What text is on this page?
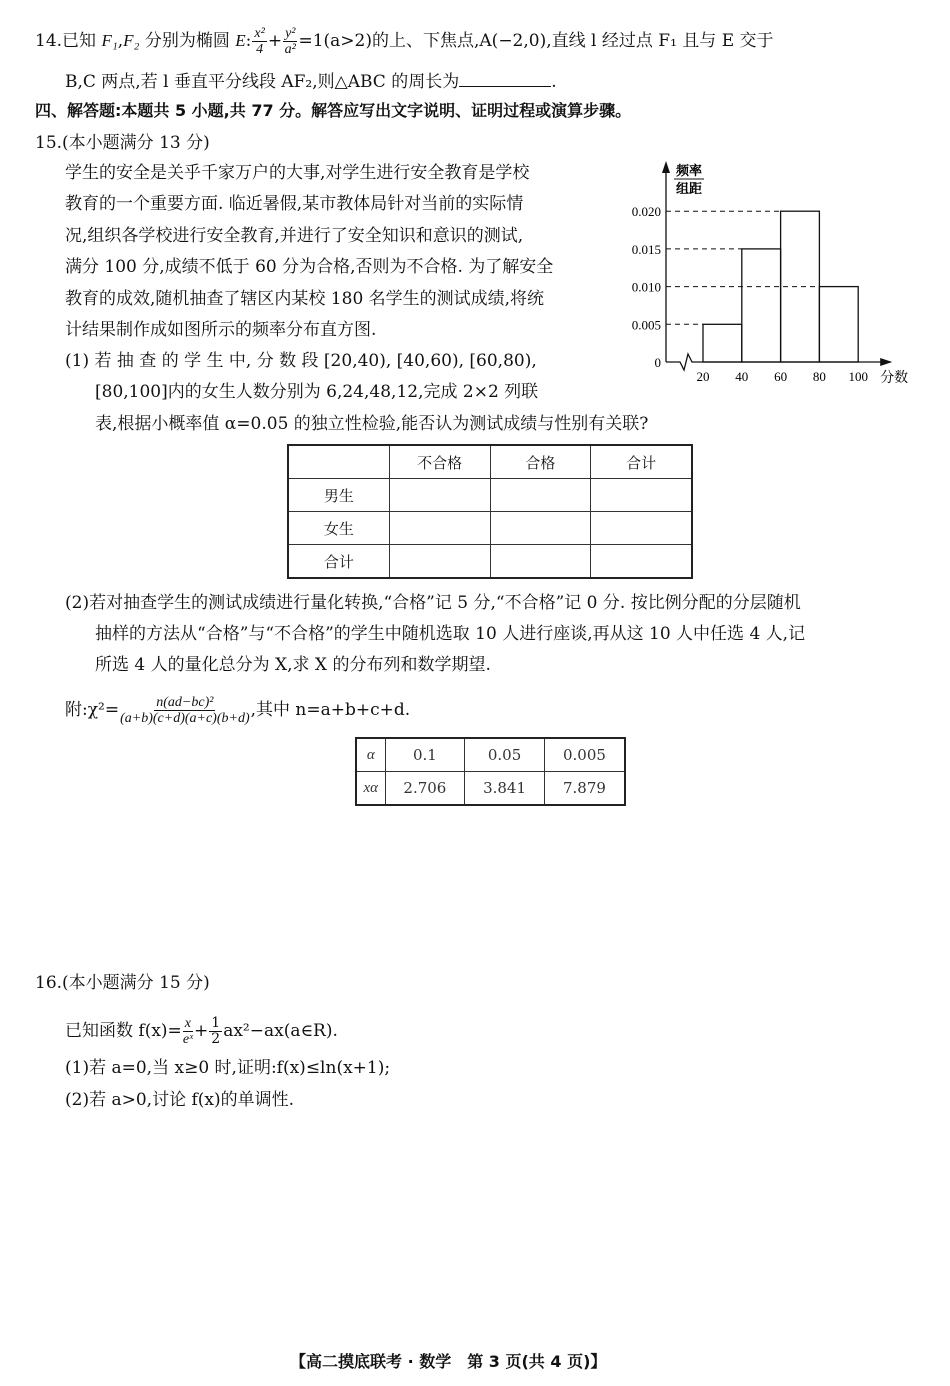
14.已知 F₁,F₂ 分别为椭圆 E: $\frac{\text{x²}}{4} + \frac{\text{y²}}{\text{a²}} =1(a>2)$的上、下焦点,A(−2,0),直线 l 经过点 F₁ 且与 E 交于
B,C 两点,若 l 垂直平分线段 AF₂,则△ABC 的周长为	.
四、解答题:本题共 5 小题,共 77 分。解答应写出文字说明、证明过程或演算步骤。
15.(本小题满分 13 分)
学生的安全是关乎千家万户的大事,对学生进行安全教育是学校
教育的一个重要方面. 临近暑假,某市教体局针对当前的实际情
况,组织各学校进行安全教育,并进行了安全知识和意识的测试,
满分 100 分,成绩不低于 60 分为合格,否则为不合格. 为了解安全
教育的成效,随机抽查了辖区内某校 180 名学生的测试成绩,将统
计结果制作成如图所示的频率分布直方图.
(1) 若 抽 查 的 学 生 中, 分 数 段 [20,40), [40,60), [60,80),
[80,100]内的女生人数分别为 6,24,48,12,完成 2×2 列联
表,根据小概率值 α=0.05 的独立性检验,能否认为测试成绩与性别有关联?
频率
组距
0
0.005
0.010
0.015
0.020
20 40 60 80 100 分数
	不合格	合格	合计
男生			
女生			
合计			
(2)若对抽查学生的测试成绩进行量化转换,“合格”记 5 分,“不合格”记 0 分. 按比例分配的分层随机
抽样的方法从“合格”与“不合格”的学生中随机选取 10 人进行座谈,再从这 10 人中任选 4 人,记
所选 4 人的量化总分为 X,求 X 的分布列和数学期望.
附:χ²= $\frac{\text{n(ad−bc)²}}{(a+b)(c+d)(a+c)(b+d)}$ ,其中 n=a+b+c+d.
α	0.1	0.05	0.005
xα	2.706	3.841	7.879
16.(本小题满分 15 分)
已知函数 $f(x)= \frac{x}{\text{eˣ}} + \frac{1}{2}$ ax²−ax(a∈R).
(1)若 a=0,当 x≥0 时,证明:f(x)≤ln(x+1);
(2)若 a>0,讨论 f(x)的单调性.
【高二摸底联考 · 数学　第 3 页(共 4 页)】
